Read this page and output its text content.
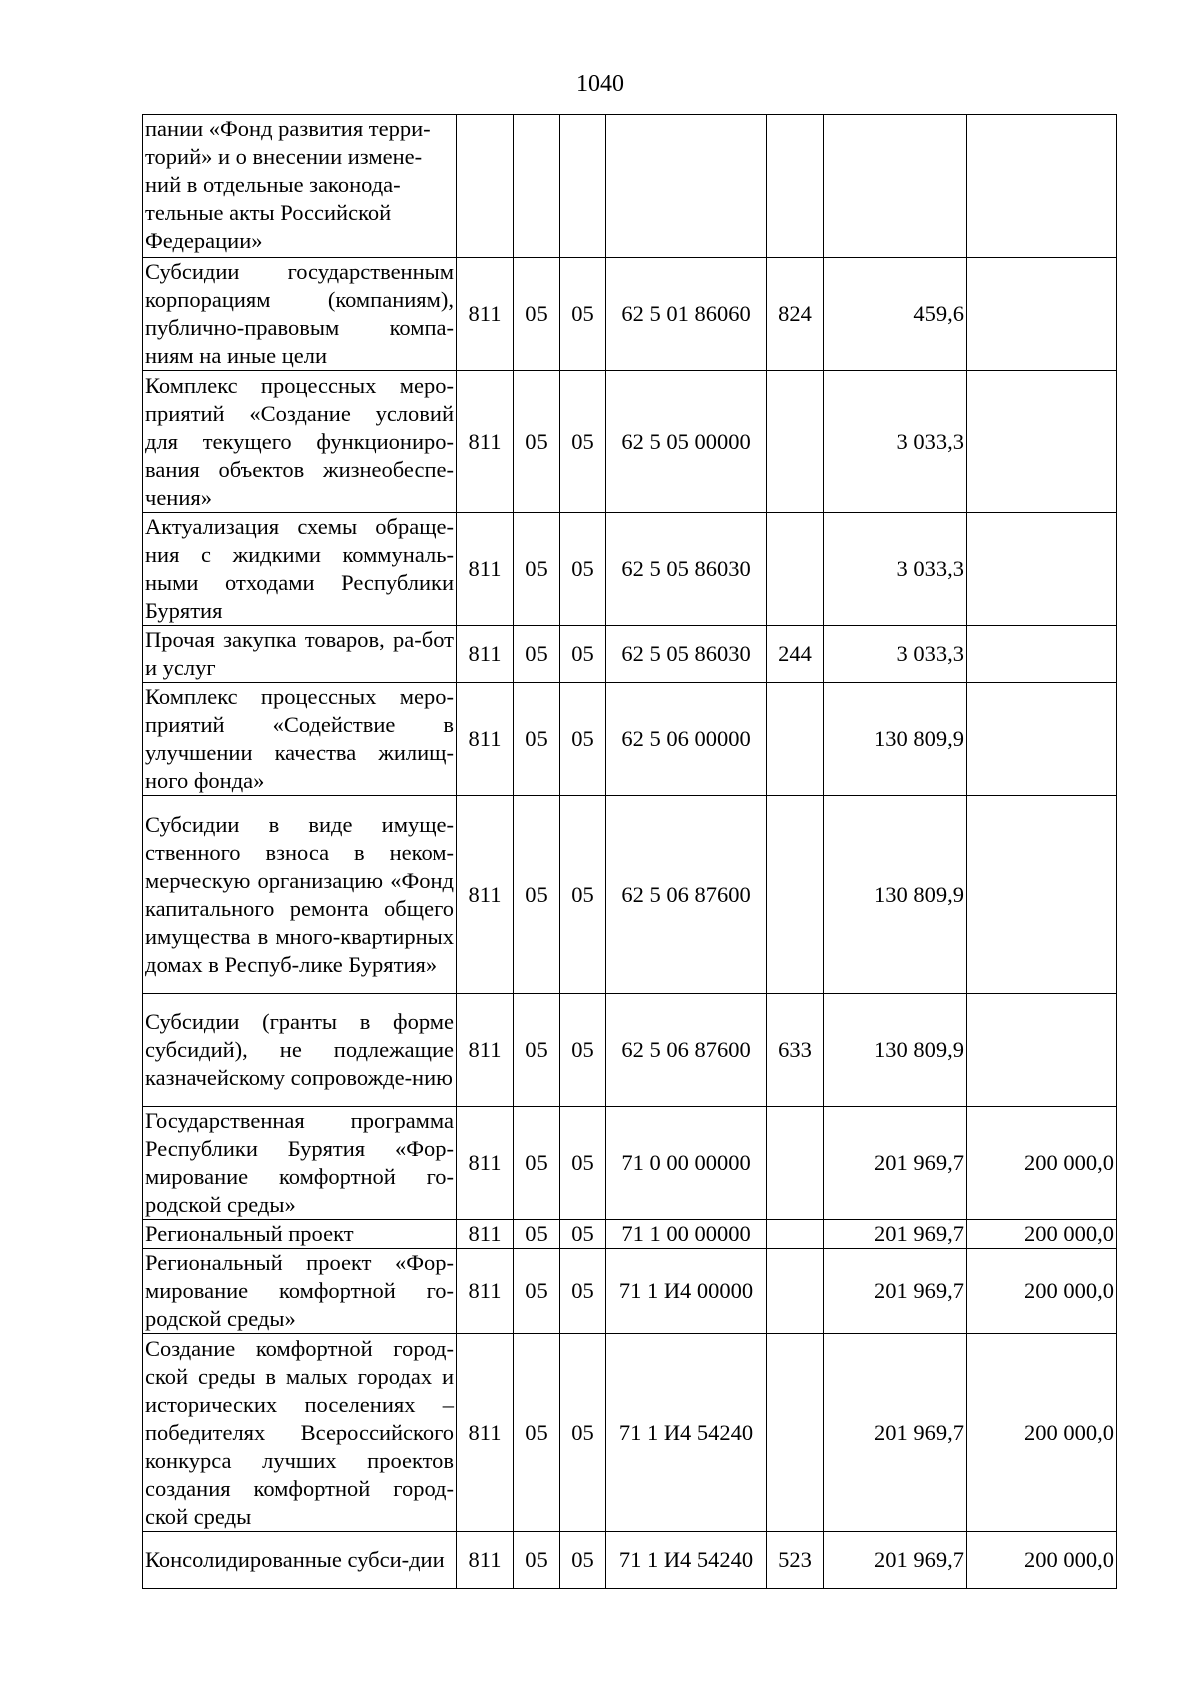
1040
пании «Фонд развития терри-
торий» и о внесении измене-
ний в отдельные законода-
тельные акты Российской
Федерации»							
Субсидии государственным корпорациям (компаниям), публично-правовым компа-ниям на иные цели	811	05	05	62 5 01 86060	824	459,6	
Комплекс процессных меро-приятий «Создание условий для текущего функциониро-вания объектов жизнеобеспе-чения»	811	05	05	62 5 05 00000		3 033,3	
Актуализация схемы обраще-ния с жидкими коммуналь-ными отходами Республики Бурятия	811	05	05	62 5 05 86030		3 033,3	
Прочая закупка товаров, ра-бот и услуг	811	05	05	62 5 05 86030	244	3 033,3	
Комплекс процессных меро-приятий «Содействие в улучшении качества жилищ-ного фонда»	811	05	05	62 5 06 00000		130 809,9	
Субсидии в виде имуще-ственного взноса в неком-мерческую организацию «Фонд капитального ремонта общего имущества в много-квартирных домах в Респуб-лике Бурятия»	811	05	05	62 5 06 87600		130 809,9	
Субсидии (гранты в форме субсидий), не подлежащие казначейскому сопровожде-нию	811	05	05	62 5 06 87600	633	130 809,9	
Государственная программа Республики Бурятия «Фор-мирование комфортной го-родской среды»	811	05	05	71 0 00 00000		201 969,7	200 000,0
Региональный проект	811	05	05	71 1 00 00000		201 969,7	200 000,0
Региональный проект «Фор-мирование комфортной го-родской среды»	811	05	05	71 1 И4 00000		201 969,7	200 000,0
Создание комфортной город-ской среды в малых городах и исторических поселениях – победителях Всероссийского конкурса лучших проектов создания комфортной город-ской среды	811	05	05	71 1 И4 54240		201 969,7	200 000,0
Консолидированные субси-дии	811	05	05	71 1 И4 54240	523	201 969,7	200 000,0
